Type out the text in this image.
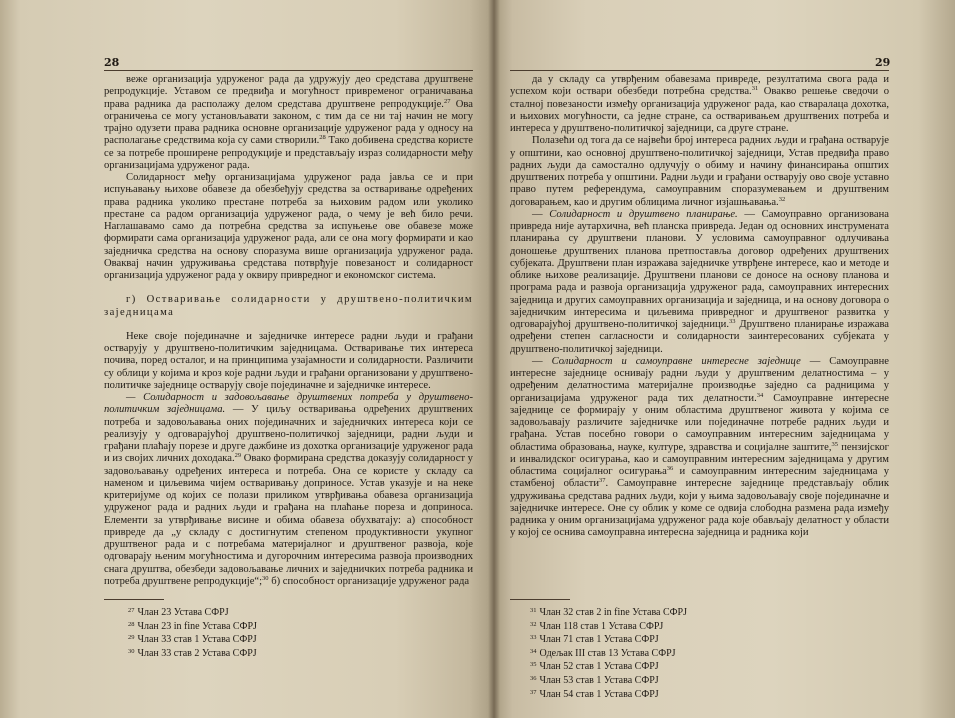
28

веже организација удруженог рада да удружују део средстава друштвене репродукције. Уставом се предвиђа и могућност привременог ограничавања права радника да располажу делом средстава друштвене репродукције.$^{27}$ Ова ограничења се могу установљавати законом, с тим да се ни тај начин не могу трајно одузети права радника основне организације удруженог рада у односу на располагање средствима која су сами створили.$^{28}$ Тако добивена средства користе се за потребе проширене репродукције и представљају израз солидарности међу организацијама удруженог рада.

Солидарност међу организацијама удруженог рада јавља се и при испуњавању њихове обавезе да обезбеђују средства за остваривање одређених права радника уколико престане потреба за њиховим радом или уколико престане са радом организација удруженог рада, о чему је већ било речи. Наглашавамо само да потребна средства за испуњење ове обавезе може формирати сама организација удруженог рада, али се она могу формирати и као заједничка средства на основу споразума више организација удруженог рада. Оваквај начин удруживања средстава потврђује повезаност и солидарност организација удруженог рада у оквиру привредног и економског система.

г) Остваривање солидарности у друштвено-политичким заједницама

Неке своје појединачне и заједничке интересе радни људи и грађани остварују у друштвено-политичким заједницама. Остваривање тих интереса почива, поред осталог, и на принципима узајамности и солидарности. Различити су облици у којима и кроз које радни људи и грађани организовани у друштвено-политичке заједнице остварују своје појединачне и заједничке интересе.

— Солидарност и задовољавање друштвених потреба у друштвено-политичким заједницама. — У циљу остваривања одређених друштвених потреба и задовољавања оних појединачних и заједничких интереса који се реализују у одговарајућој друштвено-политичкој заједници, радни људи и грађани плаћају порезе и друге дажбине из дохотка организације удруженог рада и из својих личних доходака.$^{29}$ Овако формирана средства доказују солидарност у задовољавању одређених интереса и потреба. Она се користе у складу са наменом и циљевима чијем остваривању доприносе. Устав указује и на неке критеријуме од којих се полази приликом утврђивања обавеза организација удруженог рада и радних људи и грађана на плаћање пореза и доприноса. Елементи за утврђивање висине и обима обавеза обухватају: а) способност привреде да „у складу с достигнутим степеном продуктивности укупног друштвеног рада и с потребама материјалног и друштвеног развоја, које одговарају њеним могућностима и дугорочним интересима развоја производних снага друштва, обезбеди задовољавање личних и заједничких потреба радника и потреба друштвене репродукције“;$^{30}$ б) способност организације удруженог рада

$^{27}$ Члан 23 Устава СФРЈ
$^{28}$ Члан 23 in fine Устава СФРЈ
$^{29}$ Члан 33 став 1 Устава СФРЈ
$^{30}$ Члан 33 став 2 Устава СФРЈ
29

да у складу са утврђеним обавезама привреде, резултатима свога рада и успехом који оствари обезбеди потребна средства.$^{31}$ Овакво решење сведочи о сталној повезаности између организација удруженог рада, као стваралаца дохотка, и њихових могућности, са једне стране, са остваривањем друштвених потреба и интереса у друштвено-политичкој заједници, са друге стране.

Полазећи од тога да се највећи број интереса радних људи и грађана остварује у општини, као основној друштвено-политичкој заједници, Устав предвиђа право радних људи да самостално одлучују о обиму и начину финансирања општих друштвених потреба у општини. Радни људи и грађани остварују ово своје уставно право путем референдума, самоуправним споразумевањем и друштвеним договарањем, као и другим облицима личног изјашњавања.$^{32}$

— Солидарност и друштвено планирање. — Самоуправно организована привреда није аутархична, већ планска привреда. Један од основних инструмената планирања су друштвени планови. У условима самоуправног одлучивања доношење друштвених планова претпоставља договор одређених друштвених субјеката. Друштвени план изражава заједничке утврђене интересе, као и методе и облике њихове реализације. Друштвени планови се доносе на основу планова и програма рада и развоја организација удруженог рада, самоуправних интересних заједница и других самоуправних организација и заједница, и на основу договора о заједничким интересима и циљевима привредног и друштвеног развитка у одговарајућој друштвено-политичкој заједници.$^{33}$ Друштвено планирање изражава одређени степен сагласности и солидарности заинтересованих субјеката у друштвено-политичкој заједници.

— Солидарност и самоуправне интересне заједнице — Самоуправне интересне заједнице оснивају радни људи у друштвеним делатностима – у одређеним делатностима материјалне производње заједно са радницима у организацијама удруженог рада тих делатности.$^{34}$ Самоуправне интересне заједнице се формирају у оним областима друштвеног живота у којима се задовољавају различите заједничке или појединачне потребе радних људи и грађана. Устав посебно говори о самоуправним интересним заједницама у областима образовања, науке, културе, здравства и социјалне заштите,$^{35}$ пензијског и инвалидског осигурања, као и самоуправним интересним заједницама у другим областима социјалног осигурања$^{36}$ и самоуправним интересним заједницама у стамбеној области$^{37}$. Самоуправне интересне заједнице представљају облик удруживања средстава радних људи, који у њима задовољавају своје појединачне и заједничке интересе. Оне су облик у коме се одвија слободна размена рада између радника у оним организацијама удруженог рада које обављају делатност у области у којој се оснива самоуправна интересна заједница и радника који

$^{31}$ Члан 32 став 2 in fine Устава СФРЈ
$^{32}$ Члан 118 став 1 Устава СФРЈ
$^{33}$ Члан 71 став 1 Устава СФРЈ
$^{34}$ Одељак III став 13 Устава СФРЈ
$^{35}$ Члан 52 став 1 Устава СФРЈ
$^{36}$ Члан 53 став 1 Устава СФРЈ
$^{37}$ Члан 54 став 1 Устава СФРЈ
